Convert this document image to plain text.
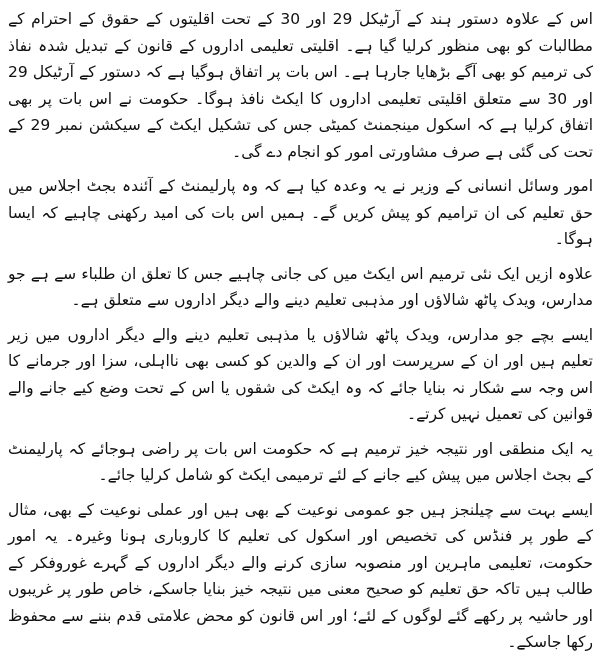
اس کے علاوہ دستور ہند کے آرٹیکل 29 اور 30 کے تحت اقلیتوں کے حقوق کے احترام کے مطالبات کو بھی منظور کرلیا گیا ہے۔ اقلیتی تعلیمی اداروں کے قانون کے تبدیل شدہ نفاذ کی ترمیم کو بھی آگے بڑھایا جارہا ہے۔ اس بات پر اتفاق ہوگیا ہے کہ دستور کے آرٹیکل 29 اور 30 سے متعلق اقلیتی تعلیمی اداروں کا ایکٹ نافذ ہوگا۔ حکومت نے اس بات پر بھی اتفاق کرلیا ہے کہ اسکول مینجمنٹ کمیٹی جس کی تشکیل ایکٹ کے سیکشن نمبر 29 کے تحت کی گئی ہے صرف مشاورتی امور کو انجام دے گی۔

امور وسائل انسانی کے وزیر نے یہ وعدہ کیا ہے کہ وہ پارلیمنٹ کے آئندہ بجٹ اجلاس میں حق تعلیم کی ان ترامیم کو پیش کریں گے۔ ہمیں اس بات کی امید رکھنی چاہیے کہ ایسا ہوگا۔

علاوہ ازیں ایک نئی ترمیم اس ایکٹ میں کی جانی چاہیے جس کا تعلق ان طلباء سے ہے جو مدارس، ویدک پاٹھ شالاؤں اور مذہبی تعلیم دینے والے دیگر اداروں سے متعلق ہے۔

ایسے بچے جو مدارس، ویدک پاٹھ شالاؤں یا مذہبی تعلیم دینے والے دیگر اداروں میں زیر تعلیم ہیں اور ان کے سرپرست اور ان کے والدین کو کسی بھی نااہلی، سزا اور جرمانے کا اس وجہ سے شکار نہ بنایا جائے کہ وہ ایکٹ کی شقوں یا اس کے تحت وضع کیے جانے والے قوانین کی تعمیل نہیں کرتے۔

یہ ایک منطقی اور نتیجہ خیز ترمیم ہے کہ حکومت اس بات پر راضی ہوجائے کہ پارلیمنٹ کے بجٹ اجلاس میں پیش کیے جانے کے لئے ترمیمی ایکٹ کو شامل کرلیا جائے۔

ایسے بہت سے چیلنجز ہیں جو عمومی نوعیت کے بھی ہیں اور عملی نوعیت کے بھی، مثال کے طور پر فنڈس کی تخصیص اور اسکول کی تعلیم کا کاروباری ہونا وغیرہ۔ یہ امور حکومت، تعلیمی ماہرین اور منصوبہ سازی کرنے والے دیگر اداروں کے گہرے غوروفکر کے طالب ہیں تاکہ حق تعلیم کو صحیح معنی میں نتیجہ خیز بنایا جاسکے، خاص طور پر غریبوں اور حاشیہ پر رکھے گئے لوگوں کے لئے؛ اور اس قانون کو محض علامتی قدم بننے سے محفوظ رکھا جاسکے۔
